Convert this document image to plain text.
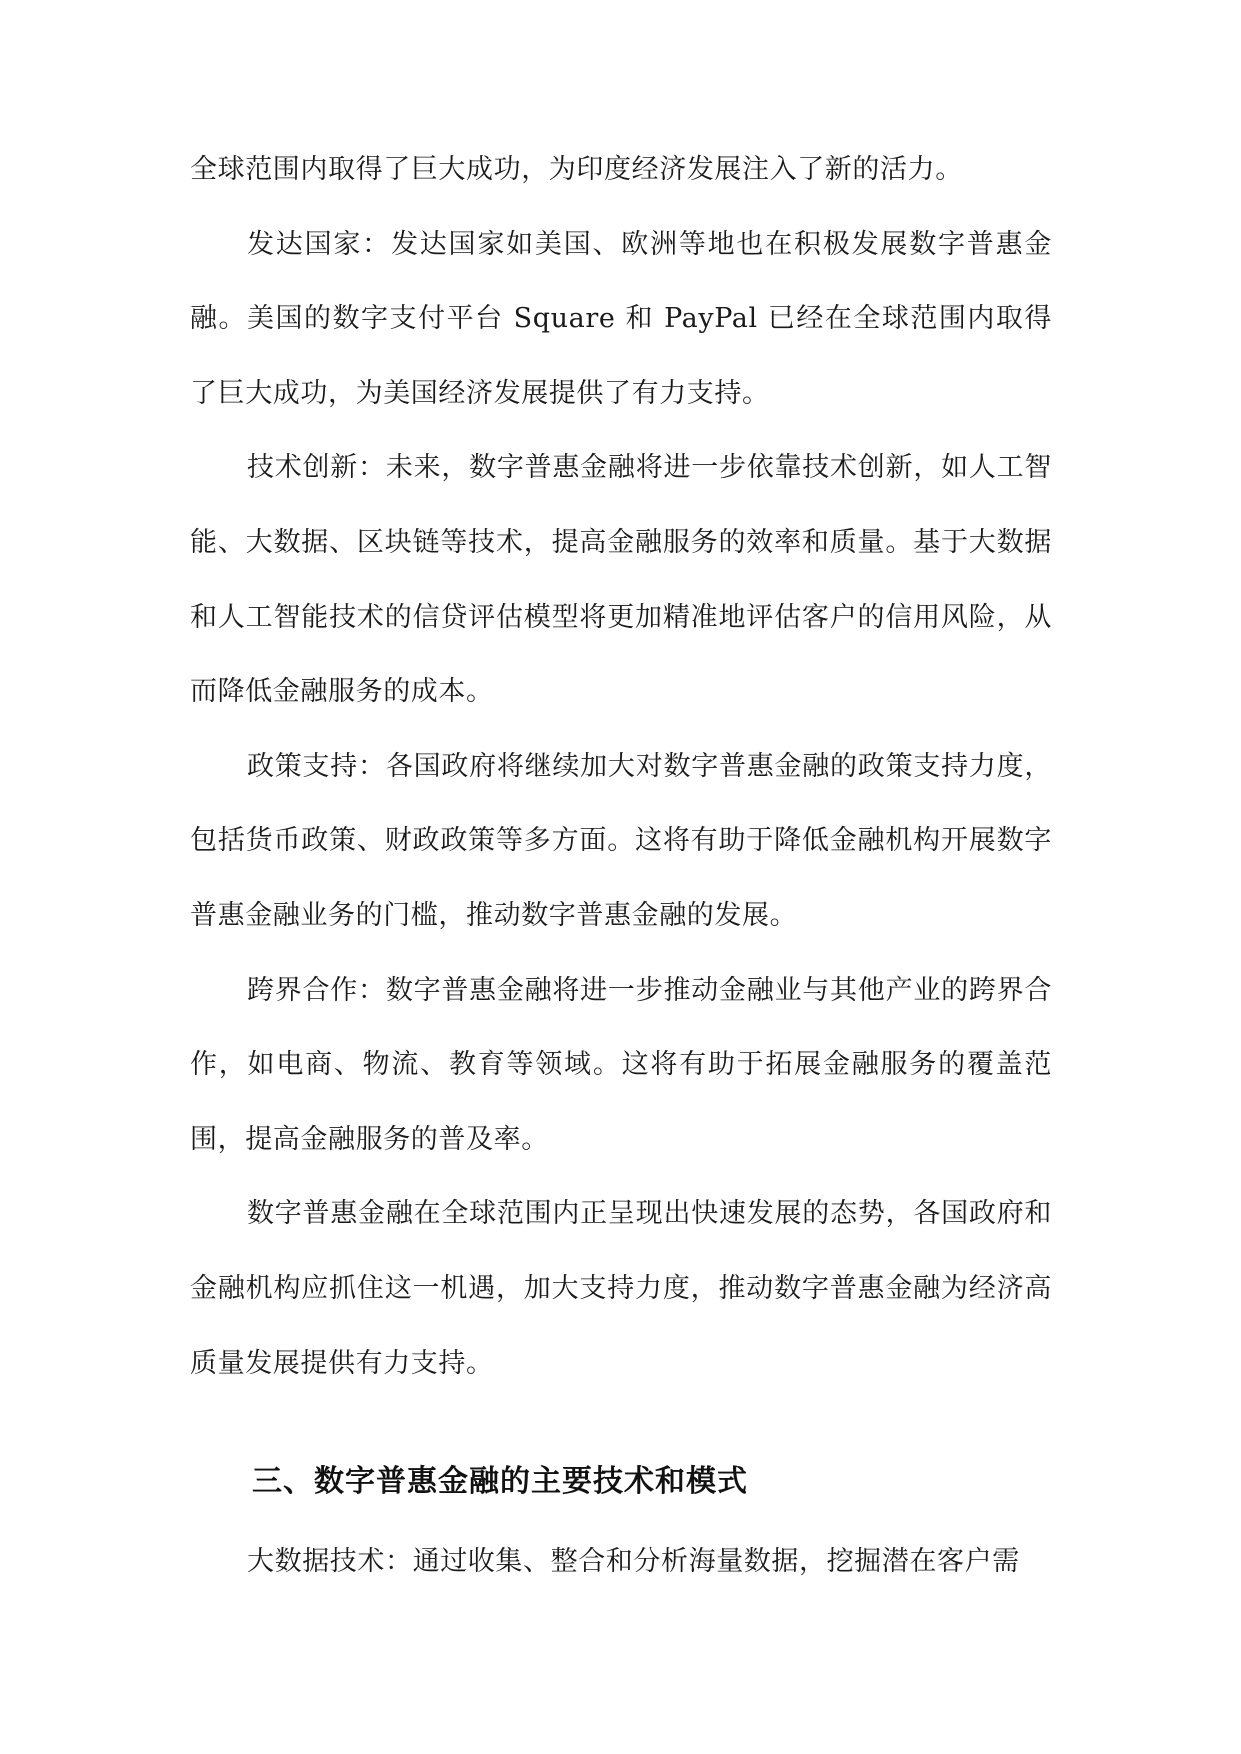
全球范围内取得了巨大成功，为印度经济发展注入了新的活力。

发达国家：发达国家如美国、欧洲等地也在积极发展数字普惠金融。美国的数字支付平台 Square 和 PayPal 已经在全球范围内取得了巨大成功，为美国经济发展提供了有力支持。

技术创新：未来，数字普惠金融将进一步依靠技术创新，如人工智能、大数据、区块链等技术，提高金融服务的效率和质量。基于大数据和人工智能技术的信贷评估模型将更加精准地评估客户的信用风险，从而降低金融服务的成本。

政策支持：各国政府将继续加大对数字普惠金融的政策支持力度，包括货币政策、财政政策等多方面。这将有助于降低金融机构开展数字普惠金融业务的门槛，推动数字普惠金融的发展。

跨界合作：数字普惠金融将进一步推动金融业与其他产业的跨界合作，如电商、物流、教育等领域。这将有助于拓展金融服务的覆盖范围，提高金融服务的普及率。

数字普惠金融在全球范围内正呈现出快速发展的态势，各国政府和金融机构应抓住这一机遇，加大支持力度，推动数字普惠金融为经济高质量发展提供有力支持。

三、数字普惠金融的主要技术和模式

大数据技术：通过收集、整合和分析海量数据，挖掘潜在客户需
